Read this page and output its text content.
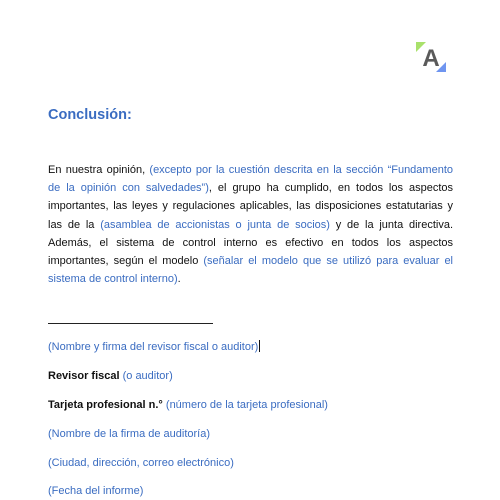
A
Conclusión:

En nuestra opinión, (excepto por la cuestión descrita en la sección “Fundamento de la opinión con salvedades”), el grupo ha cumplido, en todos los aspectos importantes, las leyes y regulaciones aplicables, las disposiciones estatutarias y las de la (asamblea de accionistas o junta de socios) y de la junta directiva. Además, el sistema de control interno es efectivo en todos los aspectos importantes, según el modelo (señalar el modelo que se utilizó para evaluar el sistema de control interno).

(Nombre y firma del revisor fiscal o auditor)

Revisor fiscal (o auditor)

Tarjeta profesional n.° (número de la tarjeta profesional)

(Nombre de la firma de auditoría)

(Ciudad, dirección, correo electrónico)

(Fecha del informe)
